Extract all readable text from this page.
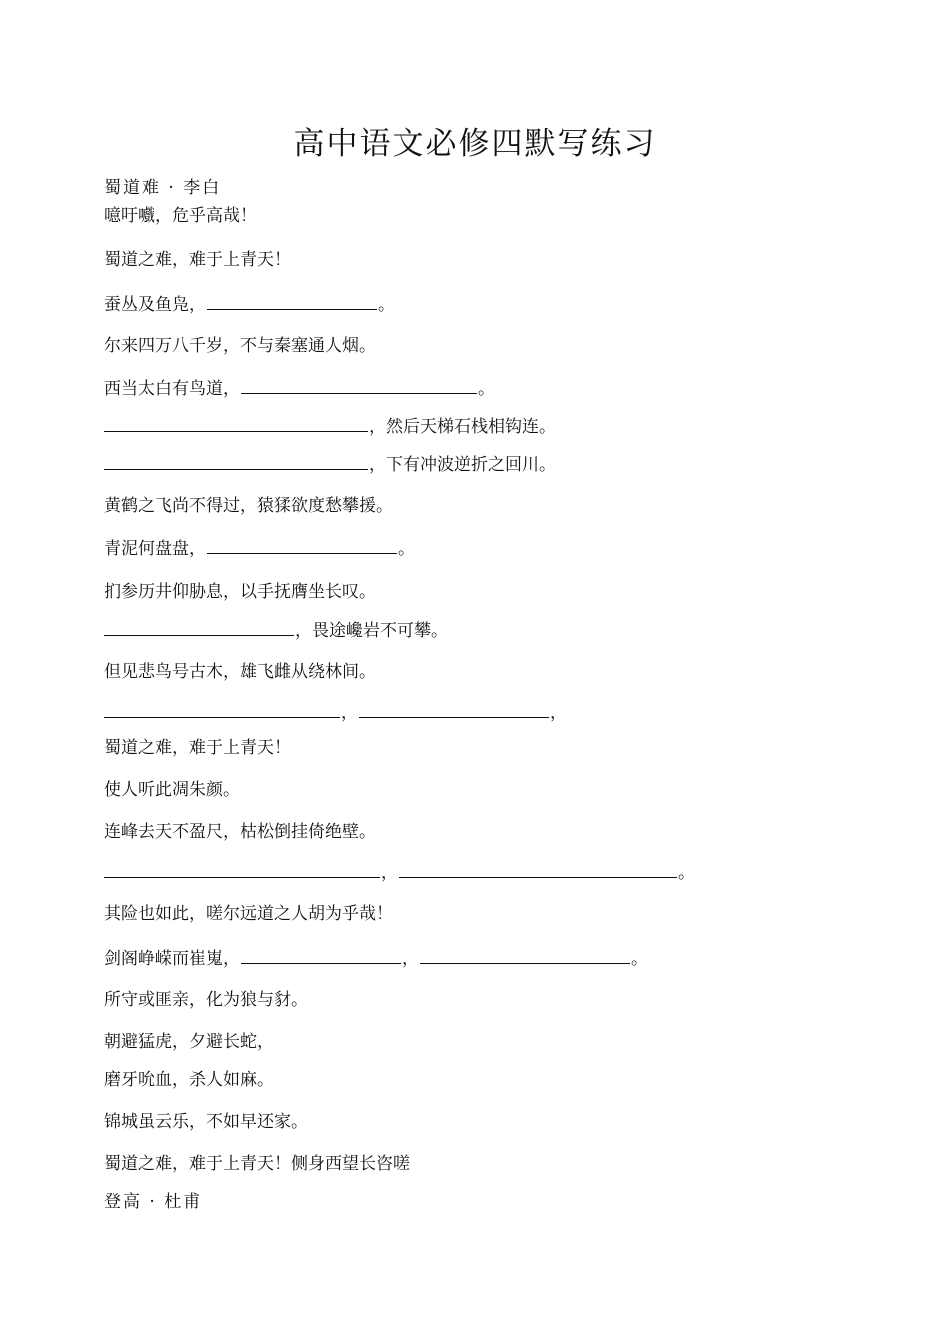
高中语文必修四默写练习
蜀道难 · 李白
噫吁嚱，危乎高哉！
蜀道之难，难于上青天！
蚕丛及鱼凫，	。
尔来四万八千岁，不与秦塞通人烟。
西当太白有鸟道，	。
，然后天梯石栈相钩连。
，下有冲波逆折之回川。
黄鹤之飞尚不得过，猿猱欲度愁攀援。
青泥何盘盘，	。
扪参历井仰胁息，以手抚膺坐长叹。
，畏途巉岩不可攀。
但见悲鸟号古木，雄飞雌从绕林间。
，	，
蜀道之难，难于上青天！
使人听此凋朱颜。
连峰去天不盈尺，枯松倒挂倚绝壁。
，	。
其险也如此，嗟尔远道之人胡为乎哉！
剑阁峥嵘而崔嵬，	，	。
所守或匪亲，化为狼与豺。
朝避猛虎，夕避长蛇，
磨牙吮血，杀人如麻。
锦城虽云乐，不如早还家。
蜀道之难，难于上青天！侧身西望长咨嗟
登高 · 杜甫
